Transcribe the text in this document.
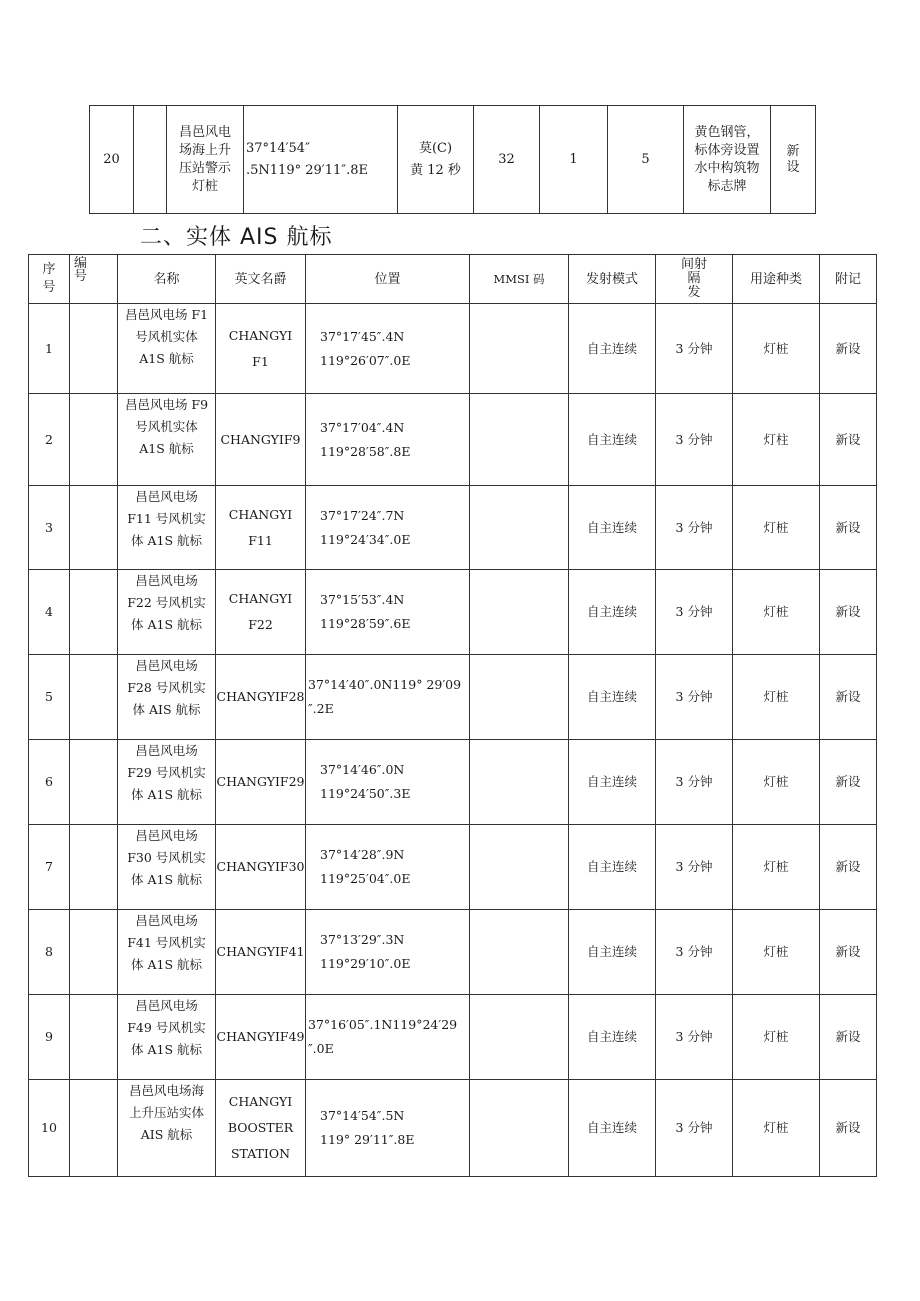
20		昌邑风电
场海上升
压站警示
灯桩	37°14′54″
.5N119° 29′11″.8E	莫(C)
黄 12 秒	32	1	5	黄色钢管，
标体旁设置
水中构筑物
标志牌	新
设
二、实体 AIS 航标
序
号	编
号	名称	英文名爵	位置	MMSI 码	发射模式	间射
隔
发	用途种类	附记
1		昌邑风电场 F1
号风机实体
A1S 航标	CHANGYI
F1	37°17′45″.4N
119°26′07″.0E		自主连续	3 分钟	灯桩	新设
2		昌邑风电场 F9
号风机实体
A1S 航标	CHANGYIF9	37°17′04″.4N
119°28′58″.8E		自主连续	3 分钟	灯柱	新设
3		昌邑风电场
F11 号风机实
体 A1S 航标	CHANGYI
F11	37°17′24″.7N
119°24′34″.0E		自主连续	3 分钟	灯桩	新设
4		昌邑风电场
F22 号风机实
体 A1S 航标	CHANGYI
F22	37°15′53″.4N
119°28′59″.6E		自主连续	3 分钟	灯桩	新设
5		昌邑风电场
F28 号风机实
体 AIS 航标	CHANGYIF28	37°14′40″.0N119° 29′09
″.2E		自主连续	3 分钟	灯桩	新设
6		昌邑风电场
F29 号风机实
体 A1S 航标	CHANGYIF29	37°14′46″.0N
119°24′50″.3E		自主连续	3 分钟	灯桩	新设
7		昌邑风电场
F30 号风机实
体 A1S 航标	CHANGYIF30	37°14′28″.9N
119°25′04″.0E		自主连续	3 分钟	灯桩	新设
8		昌邑风电场
F41 号风机实
体 A1S 航标	CHANGYIF41	37°13′29″.3N
119°29′10″.0E		自主连续	3 分钟	灯桩	新设
9		昌邑风电场
F49 号风机实
体 A1S 航标	CHANGYIF49	37°16′05″.1N119°24′29
″.0E		自主连续	3 分钟	灯桩	新设
10		昌邑风电场海
上升压站实体
AIS 航标	CHANGYI
BOOSTER
STATION	37°14′54″.5N
119° 29′11″.8E		自主连续	3 分钟	灯桩	新设
